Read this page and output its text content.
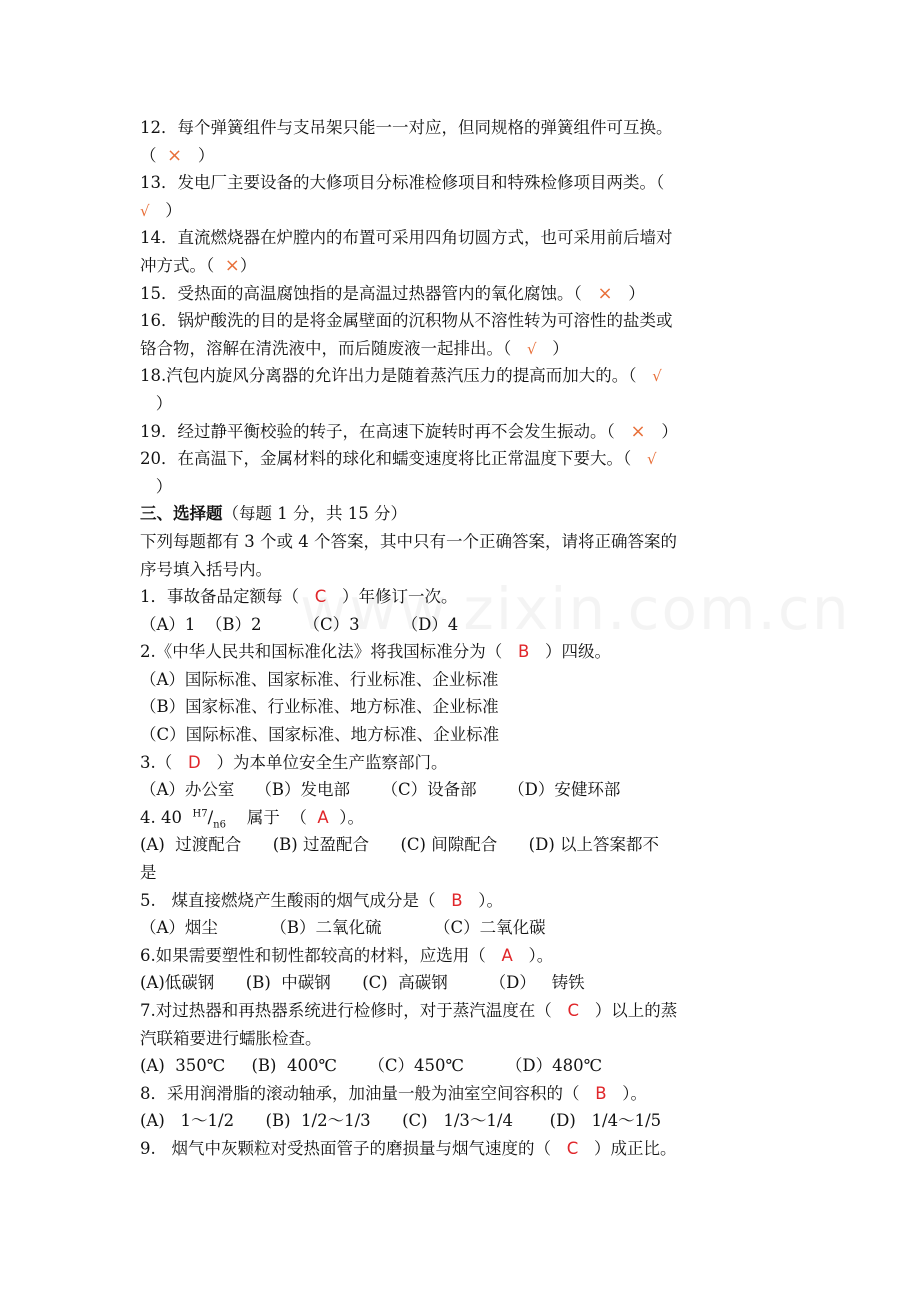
12．每个弹簧组件与支吊架只能一一对应，但同规格的弹簧组件可互换。
（  ×   ）
13．发电厂主要设备的大修项目分标准检修项目和特殊检修项目两类。（
√   ）
14．直流燃烧器在炉膛内的布置可采用四角切圆方式，也可采用前后墙对
冲方式。（  ×）
15．受热面的高温腐蚀指的是高温过热器管内的氧化腐蚀。（   ×   ）
16．锅炉酸洗的目的是将金属壁面的沉积物从不溶性转为可溶性的盐类或
铬合物，溶解在清洗液中，而后随废液一起排出。（   √   ）
18.汽包内旋风分离器的允许出力是随着蒸汽压力的提高而加大的。（   √
）
19．经过静平衡校验的转子，在高速下旋转时再不会发生振动。（   ×   ）
20．在高温下，金属材料的球化和蠕变速度将比正常温度下要大。（   √
）
三、选择题（每题 1 分，共 15 分）
下列每题都有 3 个或 4 个答案，其中只有一个正确答案，请将正确答案的
序号填入括号内。
1．事故备品定额每（   C   ）年修订一次。
（A）1  （B）2        （C）3        （D）4
2.《中华人民共和国标准化法》将我国标准分为（   B   ）四级。
（A）国际标准、国家标准、行业标准、企业标准
（B）国家标准、行业标准、地方标准、企业标准
（C）国际标准、国家标准、地方标准、企业标准
3.（   D   ）为本单位安全生产监察部门。
（A）办公室    （B）发电部      （C）设备部      （D）安健环部
4. 40  $^{H7}/_{n6}$    属于  （  A  ）。
(A)  过渡配合      (B) 过盈配合      (C) 间隙配合      (D) 以上答案都不
是
5.   煤直接燃烧产生酸雨的烟气成分是（   B   ）。
（A）烟尘          （B）二氧化硫          （C）二氧化碳
6.如果需要塑性和韧性都较高的材料，应选用（   A   ）。
(A)低碳钢      (B)  中碳钢      (C)  高碳钢        （D）   铸铁
7.对过热器和再热器系统进行检修时，对于蒸汽温度在（   C   ）以上的蒸
汽联箱要进行蠕胀检查。
(A)  350℃     (B)  400℃      （C）450℃        （D）480℃
8．采用润滑脂的滚动轴承，加油量一般为油室空间容积的（   B   ）。
(A)   1～1/2      (B)  1/2～1/3      (C)   1/3～1/4       (D)   1/4～1/5
9.   烟气中灰颗粒对受热面管子的磨损量与烟气速度的（   C   ）成正比。
